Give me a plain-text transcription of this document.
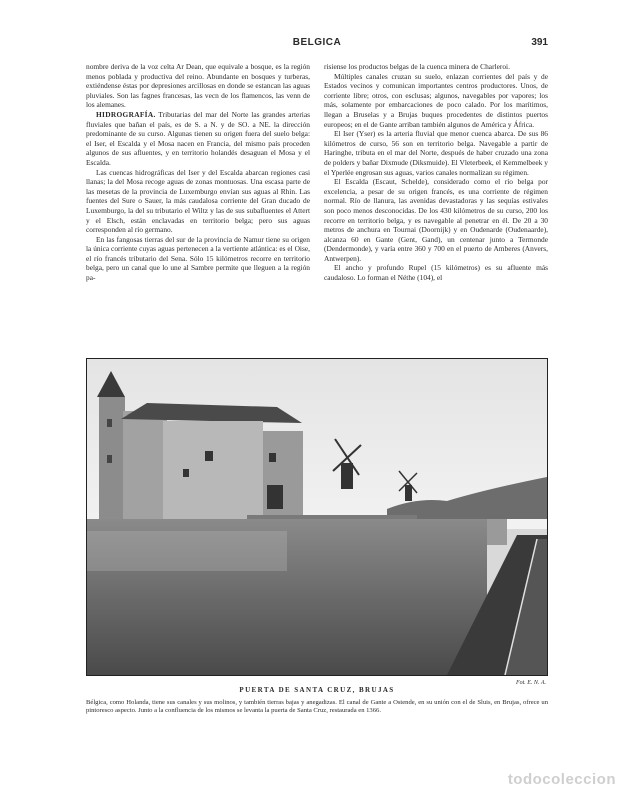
BELGICA	391

nombre deriva de la voz celta Ar Dean, que equivale a bosque, es la región menos poblada y productiva del reino. Abundante en bosques y turberas, extiéndense éstas por depresiones arcillosas en donde se estancan las aguas pluviales. Son las fagnes francesas, las vecn de los flamencos, las venn de los alemanes.

HIDROGRAFÍA. Tributarias del mar del Norte las grandes arterias fluviales que bañan el país, es de S. a N. y de SO. a NE. la dirección predominante de su curso. Algunas tienen su origen fuera del suelo belga: el Iser, el Escalda y el Mosa nacen en Francia, del mismo país proceden algunos de sus afluentes, y en territorio holandés desaguan el Mosa y el Escalda.

Las cuencas hidrográficas del Iser y del Escalda abarcan regiones casi llanas; la del Mosa recoge aguas de zonas montuosas. Una escasa parte de las mesetas de la provincia de Luxemburgo envían sus aguas al Rhin. Las fuentes del Sure o Sauer, la más caudalosa corriente del Gran ducado de Luxemburgo, la del su tributario el Wiltz y las de sus subafluentes el Attert y el Elsch, están enclavadas en territorio belga; pero sus aguas corresponden al río germano.

En las fangosas tierras del sur de la provincia de Namur tiene su origen la única corriente cuyas aguas pertenecen a la vertiente atlántica: es el Oise, el río francés tributario del Sena. Sólo 15 kilómetros recorre en territorio belga, pero un canal que lo une al Sambre permite que lleguen a la región pa-

risiense los productos belgas de la cuenca minera de Charleroi.

Múltiples canales cruzan su suelo, enlazan corrientes del país y de Estados vecinos y comunican importantes centros productores. Unos, de corriente libre; otros, con esclusas; algunos, navegables por vapores; los más, solamente por embarcaciones de poco calado. Por los marítimos, llegan a Bruselas y a Brujas buques procedentes de distintos puertos europeos; en el de Gante arriban también algunos de América y África.

El Iser (Yser) es la arteria fluvial que menor cuenca abarca. De sus 86 kilómetros de curso, 56 son en territorio belga. Navegable a partir de Haringhe, tributa en el mar del Norte, después de haber cruzado una zona de polders y bañar Dixmude (Diksmuide). El Vleterbeek, el Kemmelbeek y el Yperlée engrosan sus aguas, varios canales normalizan su régimen.

El Escalda (Escaut, Schelde), considerado como el río belga por excelencia, a pesar de su origen francés, es una corriente de régimen normal. Río de llanura, las avenidas devastadoras y las sequías estivales son poco menos desconocidas. De los 430 kilómetros de su curso, 200 los recorre en territorio belga, y es navegable al penetrar en él. De 20 a 30 metros de anchura en Tournai (Doornijk) y en Oudenarde (Oudenaarde), alcanza 60 en Gante (Gent, Gand), un centenar junto a Termonde (Dendermonde), y varía entre 360 y 700 en el puerto de Amberes (Anvers, Antwerpen).

El ancho y profundo Rupel (15 kilómetros) es su afluente más caudaloso. Lo forman el Néthe (104), el

Fot. E. N. A.
PUERTA DE SANTA CRUZ, BRUJAS
Bélgica, como Holanda, tiene sus canales y sus molinos, y también tierras bajas y anegadizas. El canal de Gante a Ostende, en su unión con el de Sluis, en Brujas, ofrece un pintoresco aspecto. Junto a la confluencia de los mismos se levanta la puerta de Santa Cruz, restaurada en 1366.
todocoleccion
